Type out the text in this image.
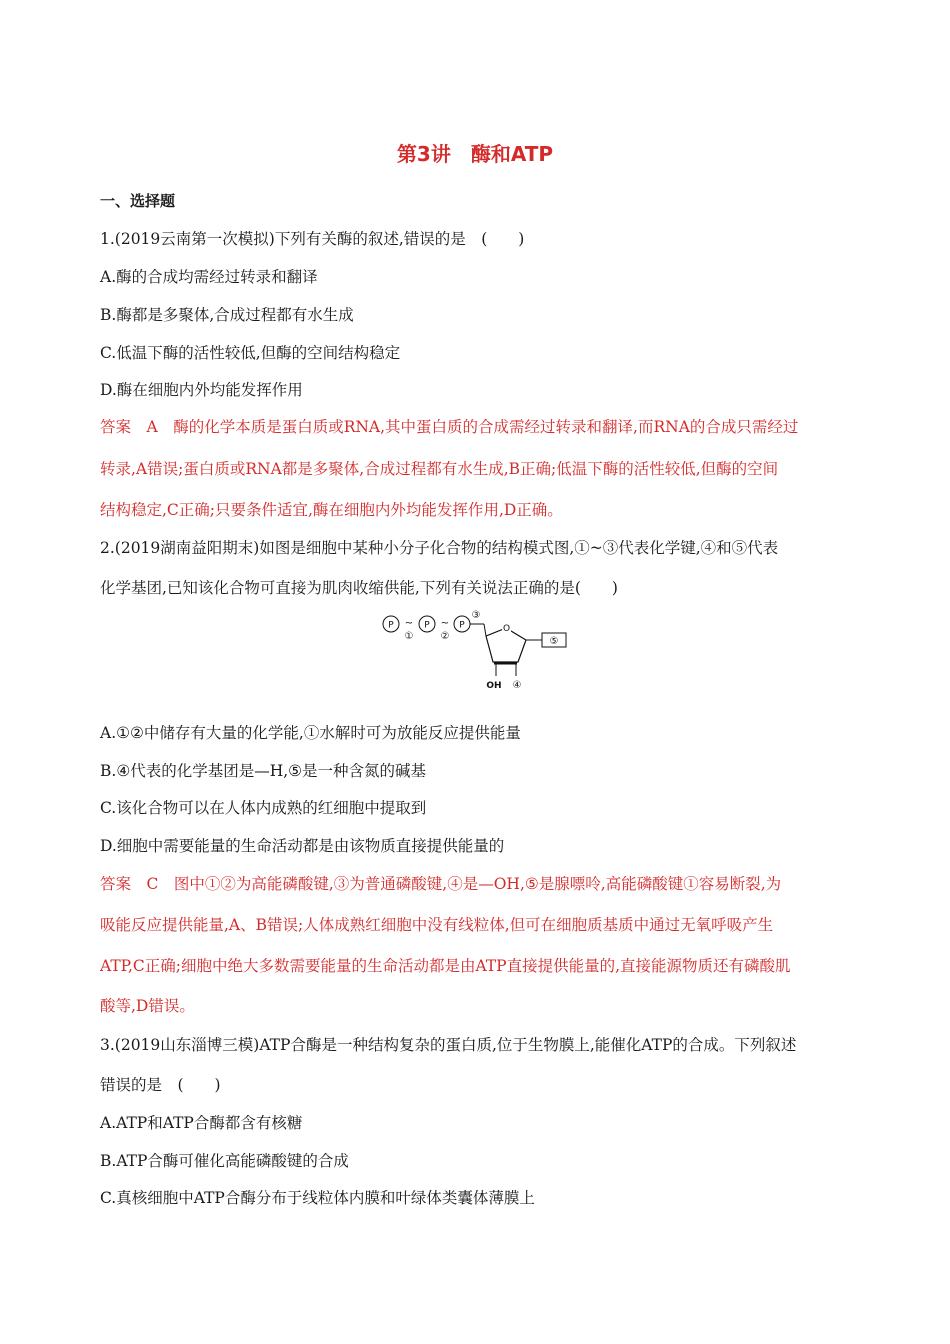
第3讲　酶和ATP
一、选择题
1.(2019云南第一次模拟)下列有关酶的叙述,错误的是　(　　)
A.酶的合成均需经过转录和翻译
B.酶都是多聚体,合成过程都有水生成
C.低温下酶的活性较低,但酶的空间结构稳定
D.酶在细胞内外均能发挥作用
答案　A　酶的化学本质是蛋白质或RNA,其中蛋白质的合成需经过转录和翻译,而RNA的合成只需经过
转录,A错误;蛋白质或RNA都是多聚体,合成过程都有水生成,B正确;低温下酶的活性较低,但酶的空间
结构稳定,C正确;只要条件适宜,酶在细胞内外均能发挥作用,D正确。
2.(2019湖南益阳期末)如图是细胞中某种小分子化合物的结构模式图,①~③代表化学键,④和⑤代表
化学基团,已知该化合物可直接为肌肉收缩供能,下列有关说法正确的是(　　)
P ~
①
P ~
②
P
③
O
⑤
OH ④
A.①②中储存有大量的化学能,①水解时可为放能反应提供能量
B.④代表的化学基团是—H,⑤是一种含氮的碱基
C.该化合物可以在人体内成熟的红细胞中提取到
D.细胞中需要能量的生命活动都是由该物质直接提供能量的
答案　C　图中①②为高能磷酸键,③为普通磷酸键,④是—OH,⑤是腺嘌呤,高能磷酸键①容易断裂,为
吸能反应提供能量,A、B错误;人体成熟红细胞中没有线粒体,但可在细胞质基质中通过无氧呼吸产生
ATP,C正确;细胞中绝大多数需要能量的生命活动都是由ATP直接提供能量的,直接能源物质还有磷酸肌
酸等,D错误。
3.(2019山东淄博三模)ATP合酶是一种结构复杂的蛋白质,位于生物膜上,能催化ATP的合成。下列叙述
错误的是　(　　)
A.ATP和ATP合酶都含有核糖
B.ATP合酶可催化高能磷酸键的合成
C.真核细胞中ATP合酶分布于线粒体内膜和叶绿体类囊体薄膜上
